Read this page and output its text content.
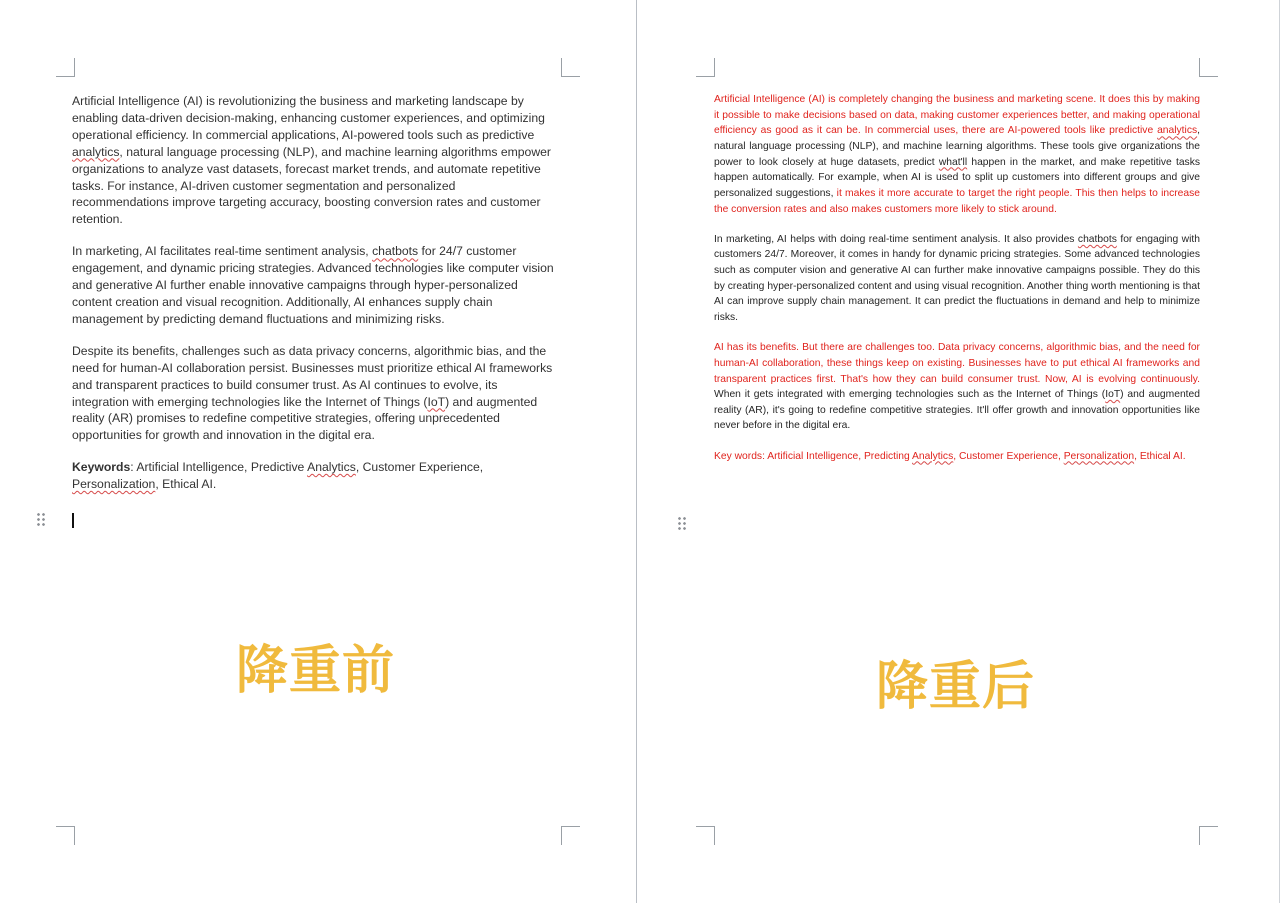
Artificial Intelligence (AI) is revolutionizing the business and marketing landscape by enabling data-driven decision-making, enhancing customer experiences, and optimizing operational efficiency. In commercial applications, AI-powered tools such as predictive analytics, natural language processing (NLP), and machine learning algorithms empower organizations to analyze vast datasets, forecast market trends, and automate repetitive tasks. For instance, AI-driven customer segmentation and personalized recommendations improve targeting accuracy, boosting conversion rates and customer retention.

In marketing, AI facilitates real-time sentiment analysis, chatbots for 24/7 customer engagement, and dynamic pricing strategies. Advanced technologies like computer vision and generative AI further enable innovative campaigns through hyper-personalized content creation and visual recognition. Additionally, AI enhances supply chain management by predicting demand fluctuations and minimizing risks.

Despite its benefits, challenges such as data privacy concerns, algorithmic bias, and the need for human-AI collaboration persist. Businesses must prioritize ethical AI frameworks and transparent practices to build consumer trust. As AI continues to evolve, its integration with emerging technologies like the Internet of Things (IoT) and augmented reality (AR) promises to redefine competitive strategies, offering unprecedented opportunities for growth and innovation in the digital era.

Keywords: Artificial Intelligence, Predictive Analytics, Customer Experience, Personalization, Ethical AI.

降重前	降重后

Artificial Intelligence (AI) is completely changing the business and marketing scene. It does this by making it possible to make decisions based on data, making customer experiences better, and making operational efficiency as good as it can be. In commercial uses, there are AI-powered tools like predictive analytics, natural language processing (NLP), and machine learning algorithms. These tools give organizations the power to look closely at huge datasets, predict what'll happen in the market, and make repetitive tasks happen automatically. For example, when AI is used to split up customers into different groups and give personalized suggestions, it makes it more accurate to target the right people. This then helps to increase the conversion rates and also makes customers more likely to stick around.

In marketing, AI helps with doing real-time sentiment analysis. It also provides chatbots for engaging with customers 24/7. Moreover, it comes in handy for dynamic pricing strategies. Some advanced technologies such as computer vision and generative AI can further make innovative campaigns possible. They do this by creating hyper-personalized content and using visual recognition. Another thing worth mentioning is that AI can improve supply chain management. It can predict the fluctuations in demand and help to minimize risks.

AI has its benefits. But there are challenges too. Data privacy concerns, algorithmic bias, and the need for human-AI collaboration, these things keep on existing. Businesses have to put ethical AI frameworks and transparent practices first. That's how they can build consumer trust. Now, AI is evolving continuously. When it gets integrated with emerging technologies such as the Internet of Things (IoT) and augmented reality (AR), it's going to redefine competitive strategies. It'll offer growth and innovation opportunities like never before in the digital era.

Key words: Artificial Intelligence, Predicting Analytics, Customer Experience, Personalization, Ethical AI.
